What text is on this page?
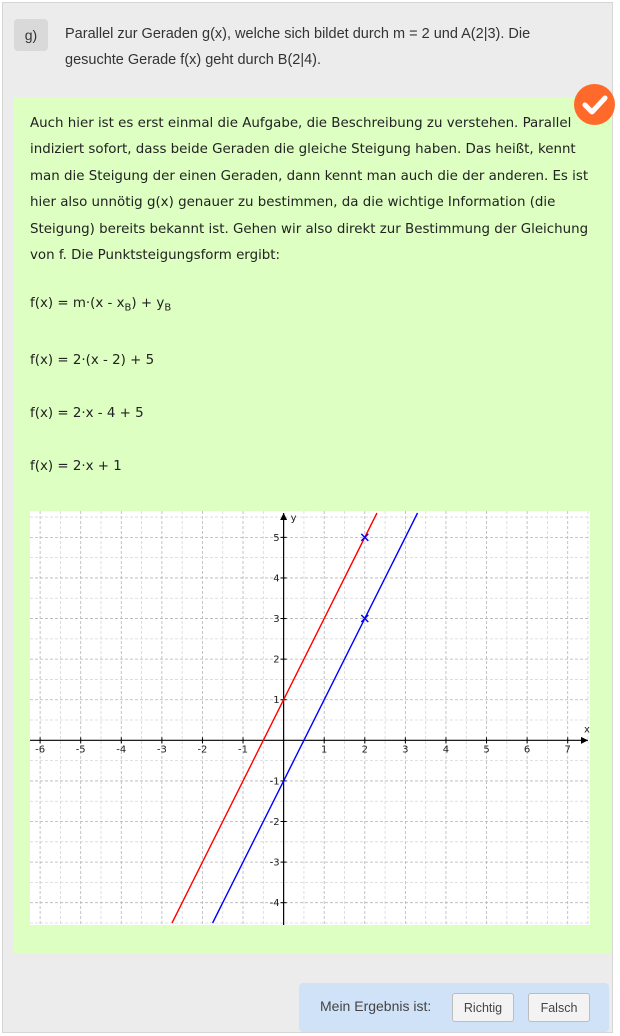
g)	Parallel zur Geraden g(x), welche sich bildet durch m = 2 und A(2|3). Die gesuchte Gerade f(x) geht durch B(2|4).

Auch hier ist es erst einmal die Aufgabe, die Beschreibung zu verstehen. Parallel indiziert sofort, dass beide Geraden die gleiche Steigung haben. Das heißt, kennt man die Steigung der einen Geraden, dann kennt man auch die der anderen. Es ist hier also unnötig g(x) genauer zu bestimmen, da die wichtige Information (die Steigung) bereits bekannt ist. Gehen wir also direkt zur Bestimmung der Gleichung von f. Die Punktsteigungsform ergibt:

$f(x) = m\cdot(x - x_B) + y_B$
f(x) = 2·(x - 2) + 5
f(x) = 2·x - 4 + 5
f(x) = 2·x + 1
x
y
-6	-5	-4	-3	-2	-1	1	2	3	4	5	6	7
-4
-3
-2
-1
1
2
3
4
5
Mein Ergebnis ist:	Richtig	Falsch
